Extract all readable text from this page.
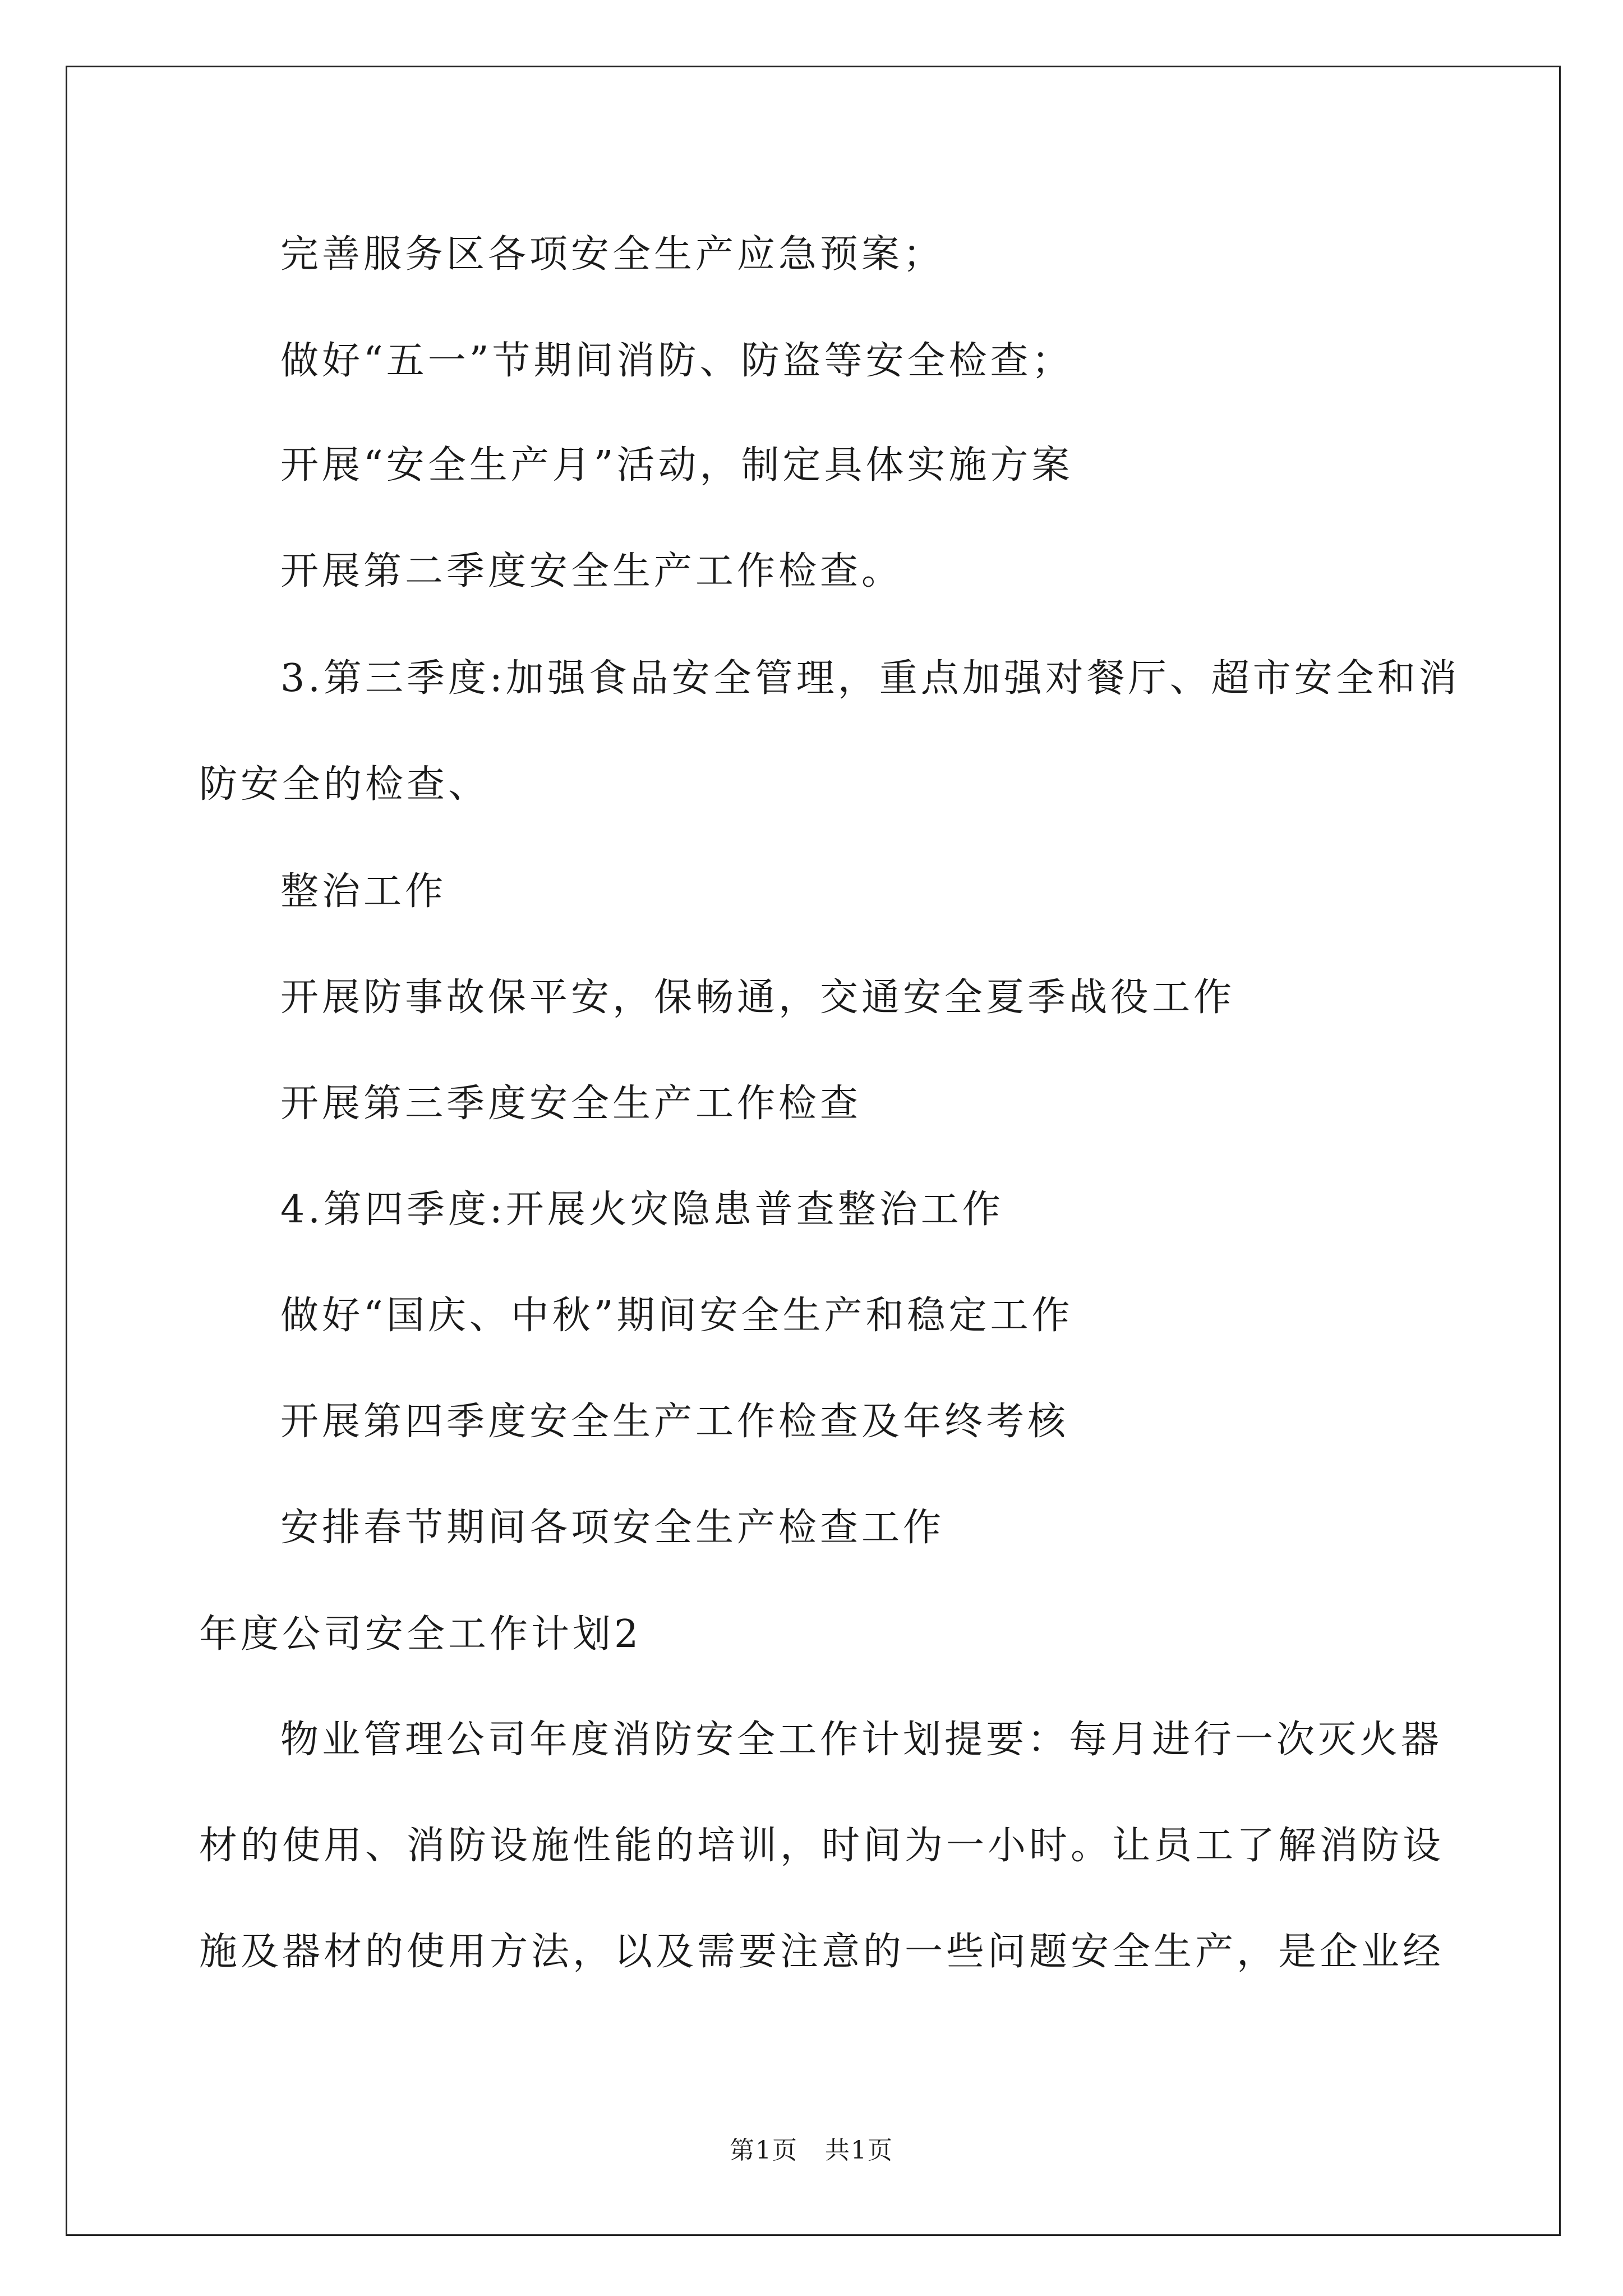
完善服务区各项安全生产应急预案；
做好“五一”节期间消防、防盗等安全检查；
开展“安全生产月”活动，制定具体实施方案
开展第二季度安全生产工作检查。
3.第三季度:加强食品安全管理，重点加强对餐厅、超市安全和消
防安全的检查、
整治工作
开展防事故保平安，保畅通，交通安全夏季战役工作
开展第三季度安全生产工作检查
4.第四季度:开展火灾隐患普查整治工作
做好“国庆、中秋”期间安全生产和稳定工作
开展第四季度安全生产工作检查及年终考核
安排春节期间各项安全生产检查工作
年度公司安全工作计划2
物业管理公司年度消防安全工作计划提要：每月进行一次灭火器
材的使用、消防设施性能的培训，时间为一小时。让员工了解消防设
施及器材的使用方法，以及需要注意的一些问题安全生产，是企业经
第1页   共1页
